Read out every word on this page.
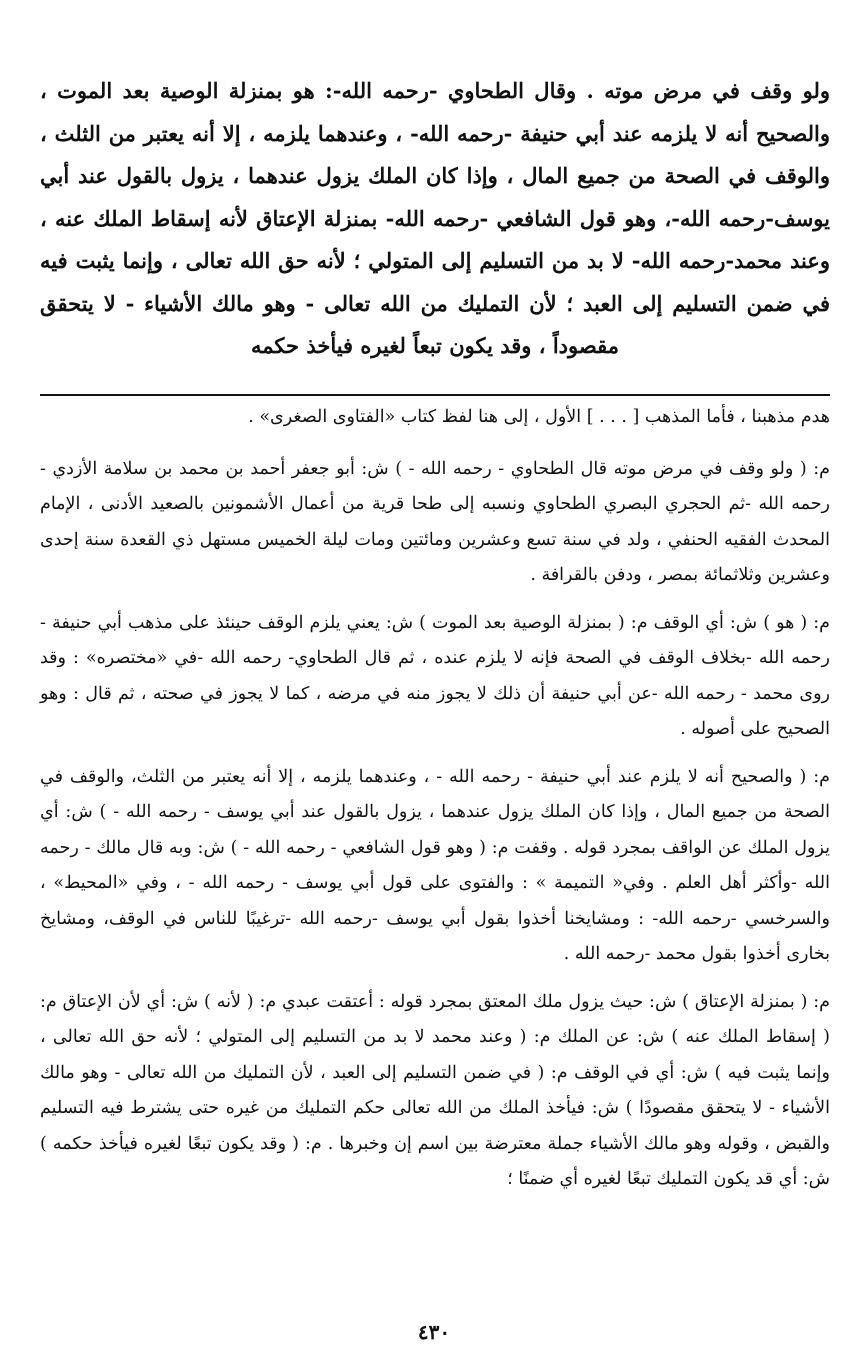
ولو وقف في مرض موته . وقال الطحاوي -رحمه الله-: هو بمنزلة الوصية بعد الموت ، والصحيح أنه لا يلزمه عند أبي حنيفة -رحمه الله- ، وعندهما يلزمه ، إلا أنه يعتبر من الثلث ، والوقف في الصحة من جميع المال ، وإذا كان الملك يزول عندهما ، يزول بالقول عند أبي يوسف-رحمه الله-، وهو قول الشافعي -رحمه الله- بمنزلة الإعتاق لأنه إسقاط الملك عنه ، وعند محمد-رحمه الله- لا بد من التسليم إلى المتولي ؛ لأنه حق الله تعالى ، وإنما يثبت فيه في ضمن التسليم إلى العبد ؛ لأن التمليك من الله تعالى - وهو مالك الأشياء - لا يتحقق مقصوداً ، وقد يكون تبعاً لغيره فيأخذ حكمه

هدم مذهبنا ، فأما المذهب [ . . . ] الأول ، إلى هنا لفظ كتاب «الفتاوى الصغرى» .

م: ( ولو وقف في مرض موته قال الطحاوي - رحمه الله - ) ش: أبو جعفر أحمد بن محمد بن سلامة الأزدي - رحمه الله -ثم الحجري البصري الطحاوي ونسبه إلى طحا قرية من أعمال الأشمونين بالصعيد الأدنى ، الإمام المحدث الفقيه الحنفي ، ولد في سنة تسع وعشرين ومائتين ومات ليلة الخميس مستهل ذي القعدة سنة إحدى وعشرين وثلاثمائة بمصر ، ودفن بالقرافة .

م: ( هو ) ش: أي الوقف م: ( بمنزلة الوصية بعد الموت ) ش: يعني يلزم الوقف حينئذ على مذهب أبي حنيفة - رحمه الله -بخلاف الوقف في الصحة فإنه لا يلزم عنده ، ثم قال الطحاوي- رحمه الله -في «مختصره» : وقد روى محمد - رحمه الله -عن أبي حنيفة أن ذلك لا يجوز منه في مرضه ، كما لا يجوز في صحته ، ثم قال : وهو الصحيح على أصوله .

م: ( والصحيح أنه لا يلزم عند أبي حنيفة - رحمه الله - ، وعندهما يلزمه ، إلا أنه يعتبر من الثلث، والوقف في الصحة من جميع المال ، وإذا كان الملك يزول عندهما ، يزول بالقول عند أبي يوسف - رحمه الله - ) ش: أي يزول الملك عن الواقف بمجرد قوله . وقفت م: ( وهو قول الشافعي - رحمه الله - ) ش: وبه قال مالك - رحمه الله -وأكثر أهل العلم . وفي« التميمة » : والفتوى على قول أبي يوسف - رحمه الله - ، وفي «المحيط» ، والسرخسي -رحمه الله- : ومشايخنا أخذوا بقول أبي يوسف -رحمه الله -ترغيبًا للناس في الوقف، ومشايخ بخارى أخذوا بقول محمد -رحمه الله .

م: ( بمنزلة الإعتاق ) ش: حيث يزول ملك المعتق بمجرد قوله : أعتقت عبدي م: ( لأنه ) ش: أي لأن الإعتاق م: ( إسقاط الملك عنه ) ش: عن الملك م: ( وعند محمد لا بد من التسليم إلى المتولي ؛ لأنه حق الله تعالى ، وإنما يثبت فيه ) ش: أي في الوقف م: ( في ضمن التسليم إلى العبد ، لأن التمليك من الله تعالى - وهو مالك الأشياء - لا يتحقق مقصودًا ) ش: فيأخذ الملك من الله تعالى حكم التمليك من غيره حتى يشترط فيه التسليم والقبض ، وقوله وهو مالك الأشياء جملة معترضة بين اسم إن وخبرها . م: ( وقد يكون تبعًا لغيره فيأخذ حكمه ) ش: أي قد يكون التمليك تبعًا لغيره أي ضمنًا ؛

٤٣٠
